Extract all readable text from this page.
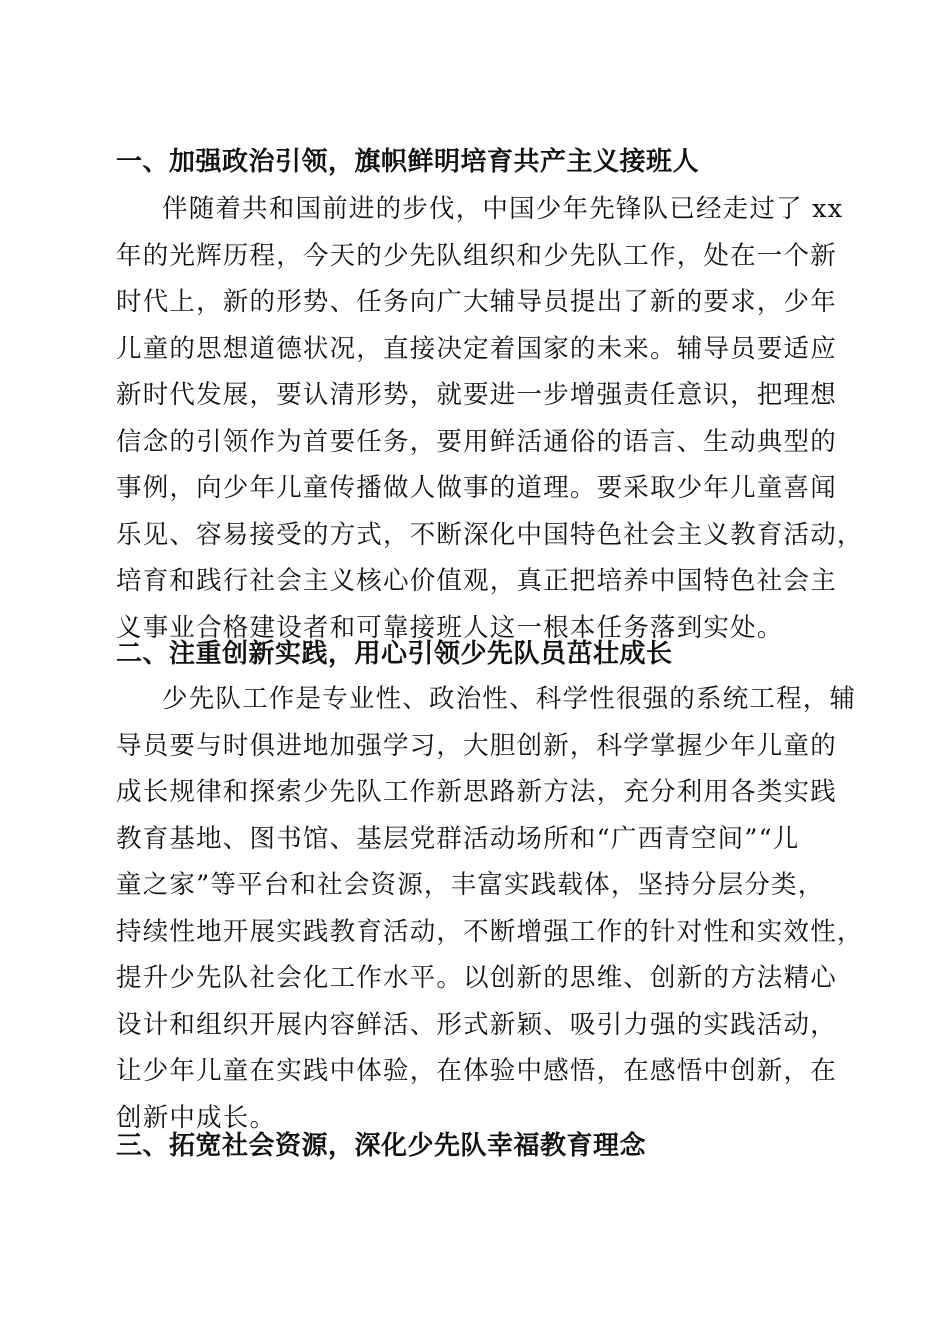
一、加强政治引领，旗帜鲜明培育共产主义接班人
伴随着共和国前进的步伐，中国少年先锋队已经走过了 xx
年的光辉历程，今天的少先队组织和少先队工作，处在一个新
时代上，新的形势、任务向广大辅导员提出了新的要求，少年
儿童的思想道德状况，直接决定着国家的未来。辅导员要适应
新时代发展，要认清形势，就要进一步增强责任意识，把理想
信念的引领作为首要任务，要用鲜活通俗的语言、生动典型的
事例，向少年儿童传播做人做事的道理。要采取少年儿童喜闻
乐见、容易接受的方式，不断深化中国特色社会主义教育活动，
培育和践行社会主义核心价值观，真正把培养中国特色社会主
义事业合格建设者和可靠接班人这一根本任务落到实处。
二、注重创新实践，用心引领少先队员茁壮成长
少先队工作是专业性、政治性、科学性很强的系统工程，辅
导员要与时俱进地加强学习，大胆创新，科学掌握少年儿童的
成长规律和探索少先队工作新思路新方法，充分利用各类实践
教育基地、图书馆、基层党群活动场所和“广西青空间”“儿
童之家”等平台和社会资源，丰富实践载体，坚持分层分类，
持续性地开展实践教育活动，不断增强工作的针对性和实效性，
提升少先队社会化工作水平。以创新的思维、创新的方法精心
设计和组织开展内容鲜活、形式新颖、吸引力强的实践活动，
让少年儿童在实践中体验，在体验中感悟，在感悟中创新，在
创新中成长。
三、拓宽社会资源，深化少先队幸福教育理念
